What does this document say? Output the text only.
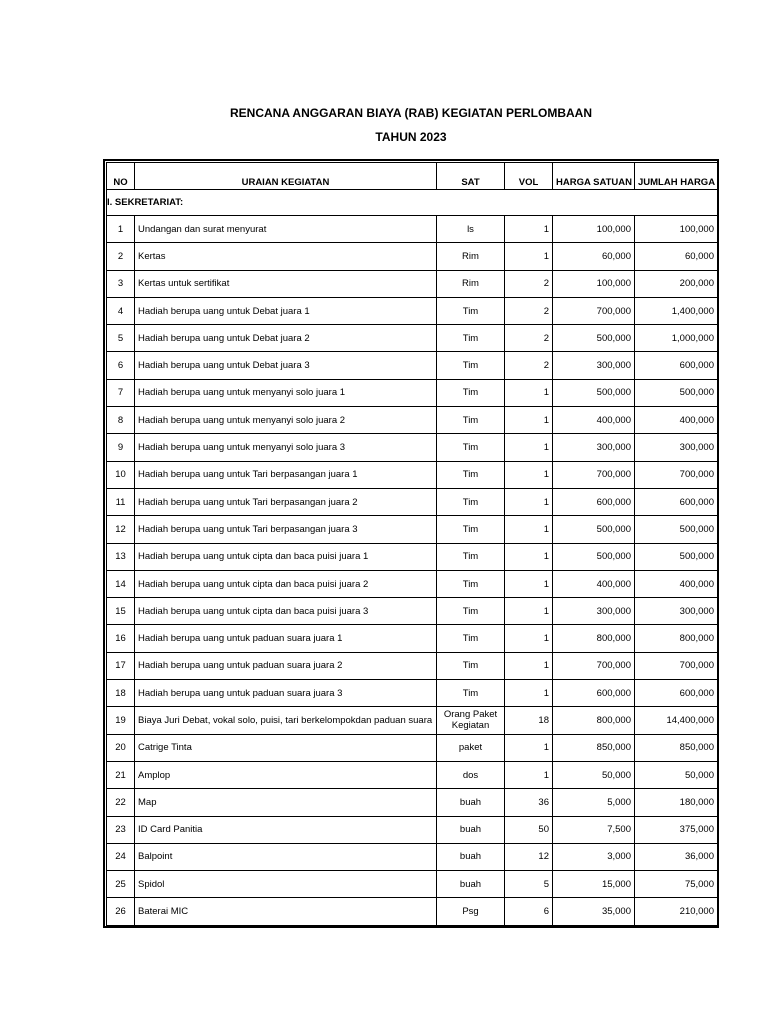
RENCANA ANGGARAN BIAYA (RAB) KEGIATAN PERLOMBAAN
TAHUN 2023
NO	URAIAN KEGIATAN	SAT	VOL	HARGA SATUAN	JUMLAH HARGA
I. SEKRETARIAT:					
1	Undangan dan surat menyurat	ls	1	100,000	100,000
2	Kertas	Rim	1	60,000	60,000
3	Kertas untuk sertifikat	Rim	2	100,000	200,000
4	Hadiah berupa uang untuk Debat juara 1	Tim	2	700,000	1,400,000
5	Hadiah berupa uang untuk Debat juara 2	Tim	2	500,000	1,000,000
6	Hadiah berupa uang untuk Debat juara 3	Tim	2	300,000	600,000
7	Hadiah berupa uang untuk menyanyi solo juara 1	Tim	1	500,000	500,000
8	Hadiah berupa uang untuk menyanyi solo juara 2	Tim	1	400,000	400,000
9	Hadiah berupa uang untuk menyanyi solo juara 3	Tim	1	300,000	300,000
10	Hadiah berupa uang untuk Tari berpasangan juara 1	Tim	1	700,000	700,000
11	Hadiah berupa uang untuk Tari berpasangan juara 2	Tim	1	600,000	600,000
12	Hadiah berupa uang untuk Tari berpasangan juara 3	Tim	1	500,000	500,000
13	Hadiah berupa uang untuk cipta dan baca puisi juara 1	Tim	1	500,000	500,000
14	Hadiah berupa uang untuk cipta dan baca puisi juara 2	Tim	1	400,000	400,000
15	Hadiah berupa uang untuk cipta dan baca puisi juara 3	Tim	1	300,000	300,000
16	Hadiah berupa uang untuk paduan suara juara 1	Tim	1	800,000	800,000
17	Hadiah berupa uang untuk paduan suara juara 2	Tim	1	700,000	700,000
18	Hadiah berupa uang untuk paduan suara juara 3	Tim	1	600,000	600,000
19	Biaya Juri Debat, vokal solo, puisi, tari berkelompokdan paduan suara	Orang Paket Kegiatan	18	800,000	14,400,000
20	Catrige Tinta	paket	1	850,000	850,000
21	Amplop	dos	1	50,000	50,000
22	Map	buah	36	5,000	180,000
23	ID Card Panitia	buah	50	7,500	375,000
24	Balpoint	buah	12	3,000	36,000
25	Spidol	buah	5	15,000	75,000
26	Baterai MIC	Psg	6	35,000	210,000
